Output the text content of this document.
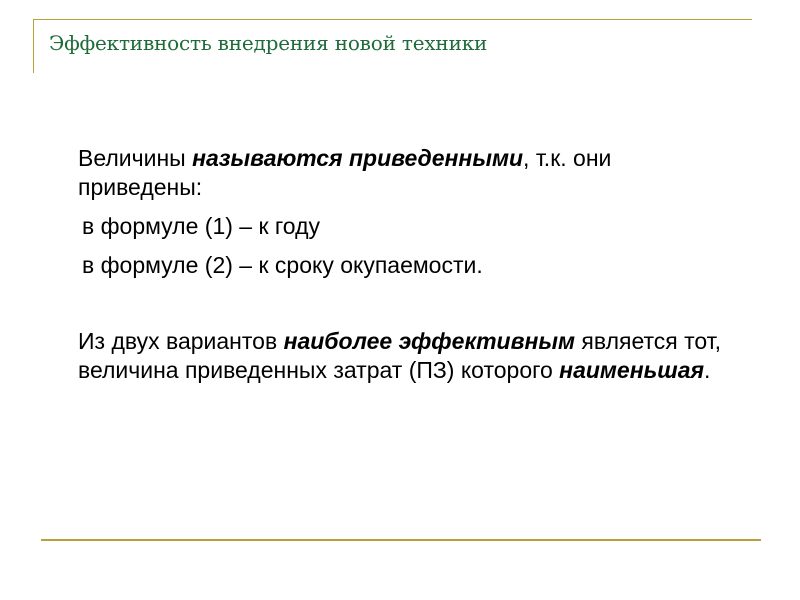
Эффективность внедрения новой техники

Величины называются приведенными, т.к. они приведены:

в формуле (1) – к году

в формуле (2) – к сроку окупаемости.

Из двух вариантов наиболее эффективным является тот, величина приведенных затрат (ПЗ) которого наименьшая.
